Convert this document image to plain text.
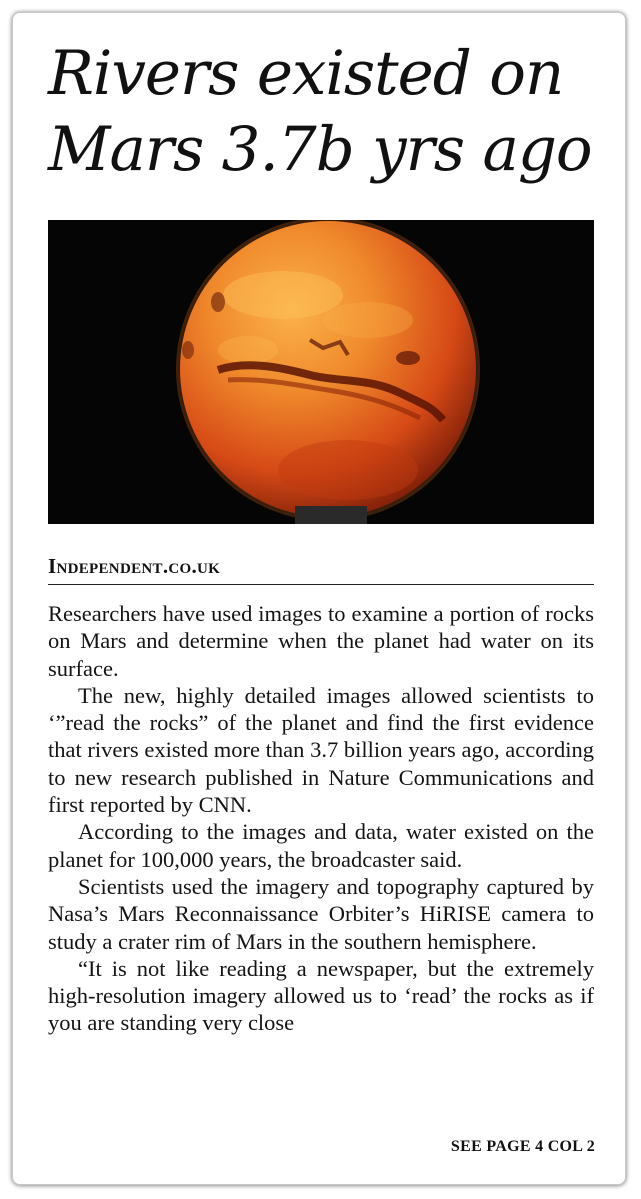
Rivers existed on
Mars 3.7b yrs ago

Independent.co.uk

Researchers have used images to examine a portion of rocks on Mars and determine when the planet had water on its surface.

The new, highly detailed images allowed scientists to ‘”read the rocks” of the planet and find the first evidence that rivers existed more than 3.7 billion years ago, according to new research published in Nature Communications and first reported by CNN.

According to the images and data, water existed on the planet for 100,000 years, the broadcaster said.

Scientists used the imagery and topography captured by Nasa’s Mars Reconnaissance Orbiter’s HiRISE camera to study a crater rim of Mars in the southern hemisphere.

“It is not like reading a newspaper, but the extremely high-resolution imagery allowed us to ‘read’ the rocks as if you are standing very close

SEE PAGE 4 COL 2
